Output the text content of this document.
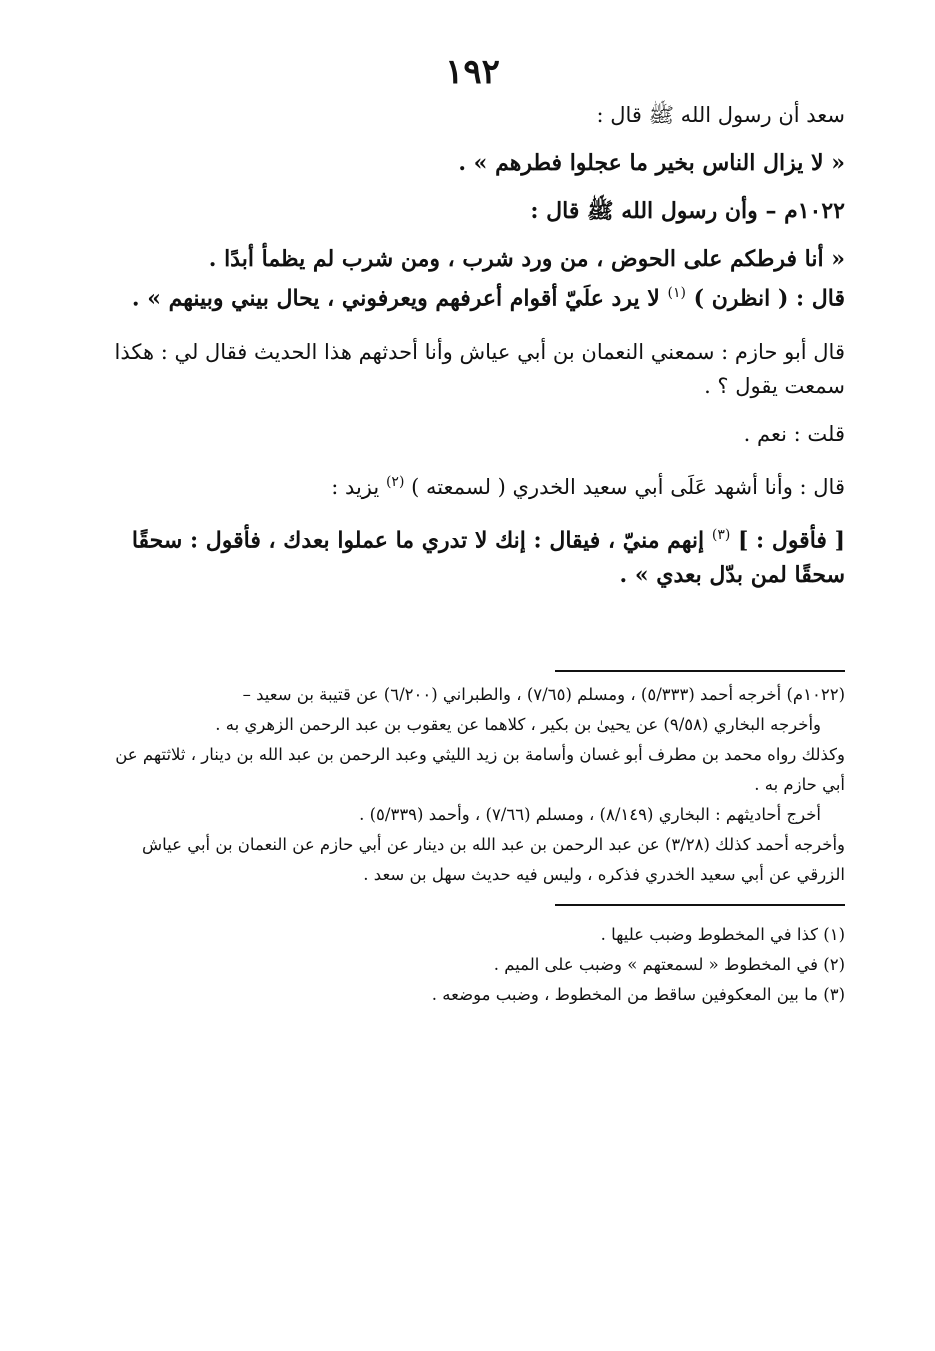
١٩٢

سعد أن رسول الله ﷺ قال :

« لا يزال الناس بخير ما عجلوا فطرهم » .

١٠٢٢م – وأن رسول الله ﷺ قال :

« أنا فرطكم على الحوض ، من ورد شرب ، ومن شرب لم يظمأ أبدًا .
قال : ( انظرن ) $^{(١)}$ لا يرد علَيّ أقوام أعرفهم ويعرفوني ، يحال بيني وبينهم » .

قال أبو حازم : سمعني النعمان بن أبي عياش وأنا أحدثهم هذا الحديث فقال لي : هكذا سمعت يقول ؟ .

قلت : نعم .

قال : وأنا أشهد عَلَى أبي سعيد الخدري ( لسمعته ) $^{(٢)}$ يزيد :

[ فأقول : ] $^{(٣)}$ إنهم منيّ ، فيقال : إنك لا تدري ما عملوا بعدك ، فأقول : سحقًا سحقًا لمن بدّل بعدي » .

(١٠٢٢م) أخرجه أحمد (٥/٣٣٣) ، ومسلم (٧/٦٥) ، والطبراني (٦/٢٠٠) عن قتيبة بن سعيد –

وأخرجه البخاري (٩/٥٨) عن يحيىٰ بن بكير ، كلاهما عن يعقوب بن عبد الرحمن الزهري به .

وكذلك رواه محمد بن مطرف أبو غسان وأسامة بن زيد الليثي وعبد الرحمن بن عبد الله بن دينار ، ثلاثتهم عن أبي حازم به .

أخرج أحاديثهم : البخاري (٨/١٤٩) ، ومسلم (٧/٦٦) ، وأحمد (٥/٣٣٩) .

وأخرجه أحمد كذلك (٣/٢٨) عن عبد الرحمن بن عبد الله بن دينار عن أبي حازم عن النعمان بن أبي عياش الزرقي عن أبي سعيد الخدري فذكره ، وليس فيه حديث سهل بن سعد .

(١) كذا في المخطوط وضبب عليها .

(٢) في المخطوط « لسمعتهم » وضبب على الميم .

(٣) ما بين المعكوفين ساقط من المخطوط ، وضبب موضعه .
